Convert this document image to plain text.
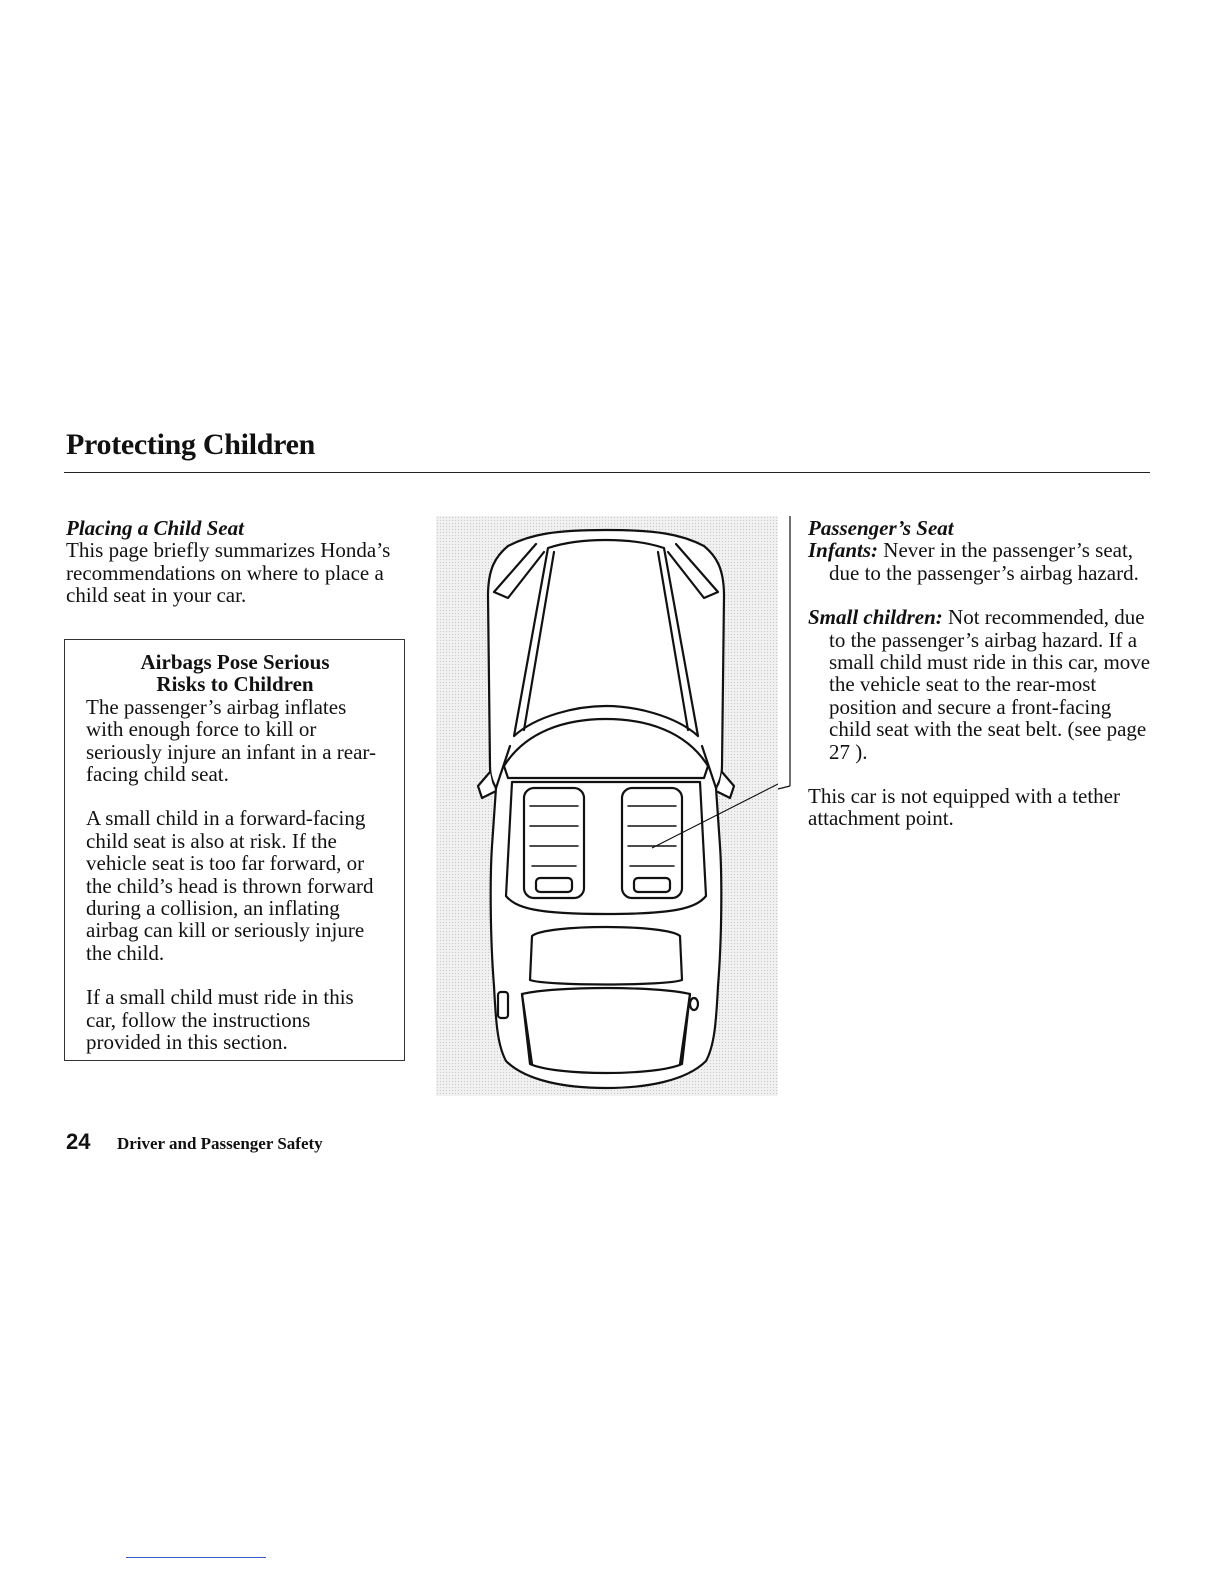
Protecting Children

Placing a Child Seat

This page briefly summarizes Honda’s recommendations on where to place a child seat in your car.

Airbags Pose Serious

Risks to Children

The passenger’s airbag inflates with enough force to kill or seriously injure an infant in a rear-facing child seat.

A small child in a forward-facing child seat is also at risk. If the vehicle seat is too far forward, or the child’s head is thrown forward during a collision, an inflating airbag can kill or seriously injure the child.

If a small child must ride in this car, follow the instructions provided in this section.

Passenger’s Seat

Infants: Never in the passenger’s seat, due to the passenger’s airbag hazard.

Small children: Not recommended, due to the passenger’s airbag hazard. If a small child must ride in this car, move the vehicle seat to the rear-most position and secure a front-facing child seat with the seat belt. (see page 27 ).

This car is not equipped with a tether attachment point.

24 Driver and Passenger Safety
